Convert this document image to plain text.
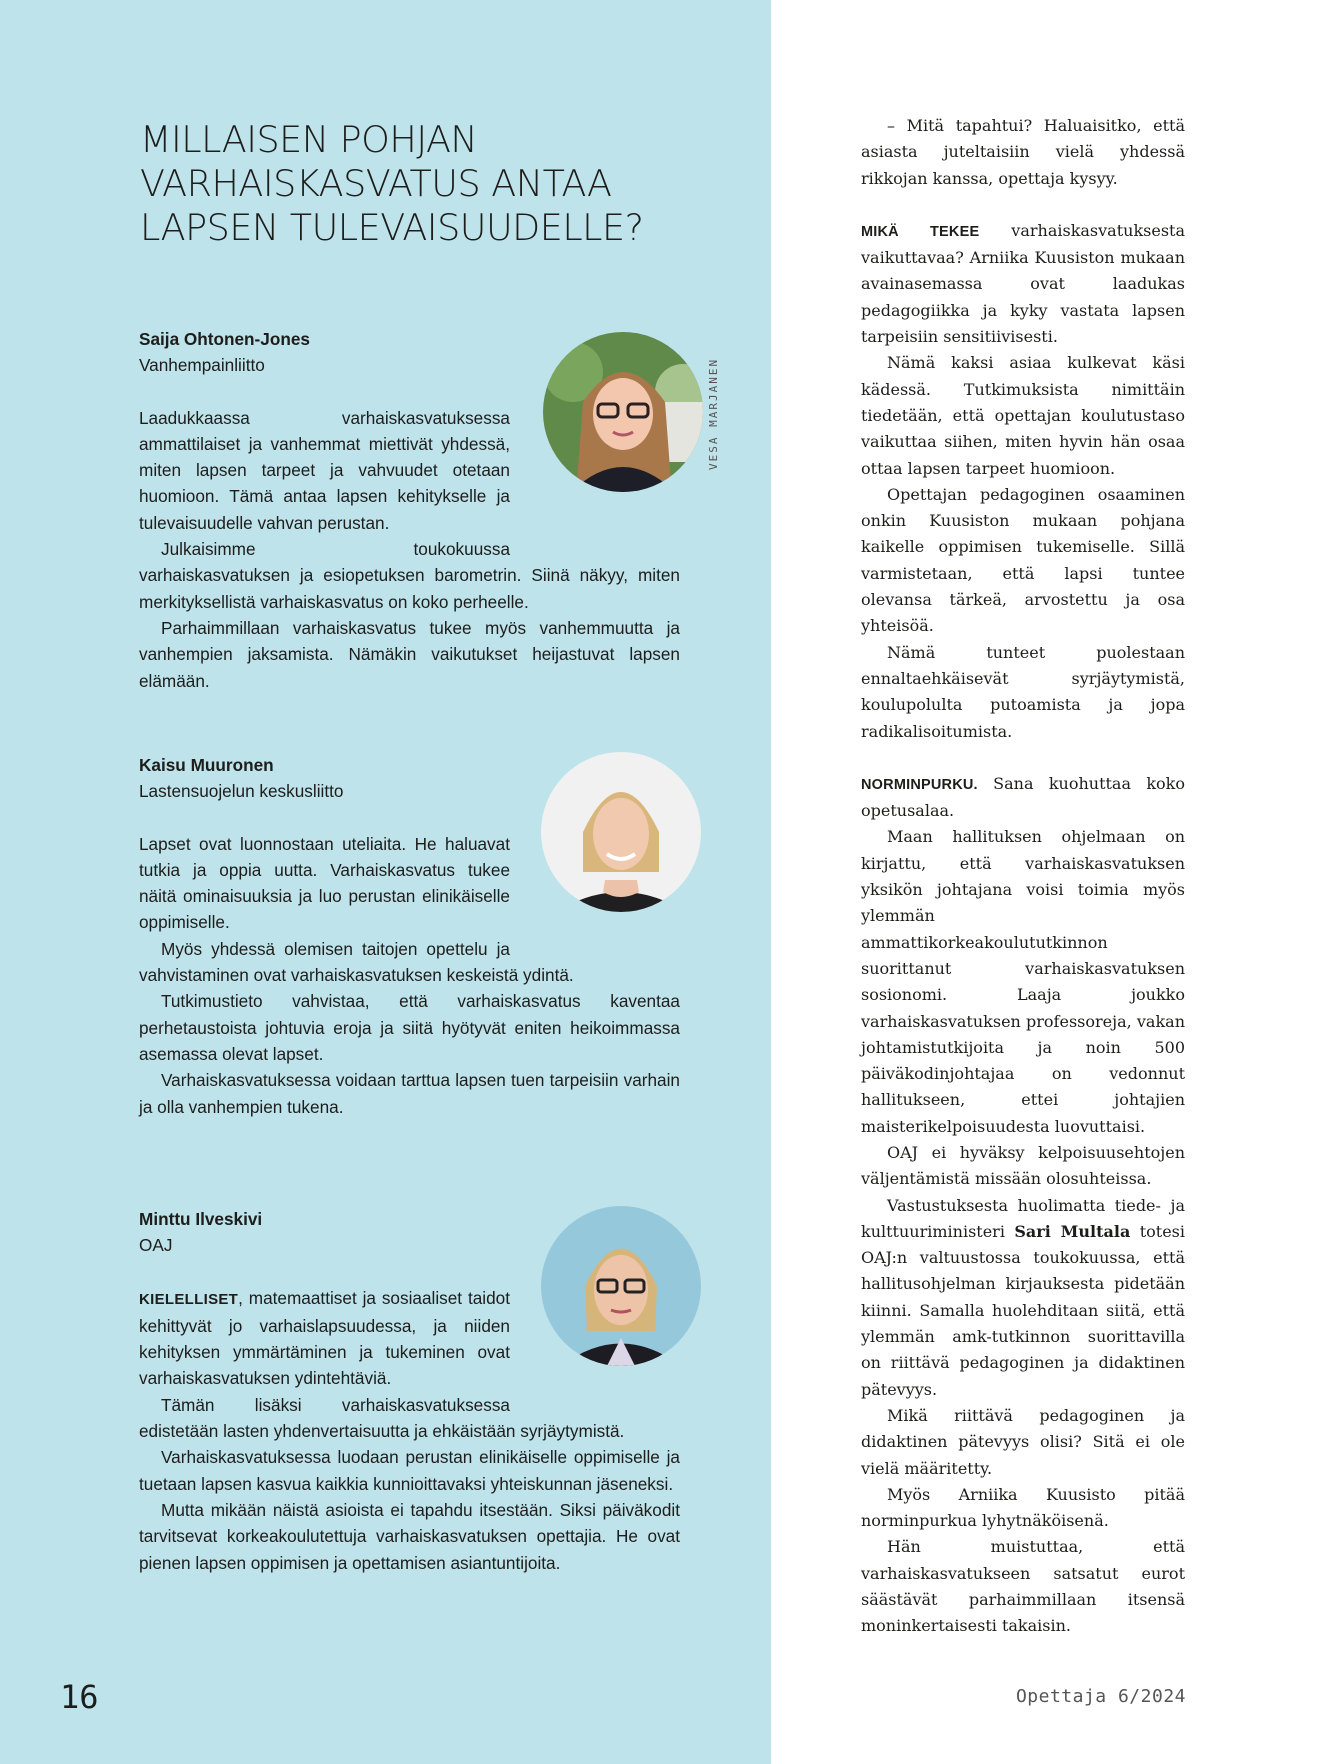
MILLAISEN POHJAN
VARHAISKASVATUS ANTAA
LAPSEN TULEVAISUUDELLE?
VESA MARJANEN
Saija Ohtonen-Jones
Vanhempainliitto

Laadukkaassa varhaiskasvatuksessa ammattilaiset ja vanhemmat miettivät yhdessä, miten lapsen tarpeet ja vahvuudet otetaan huomioon. Tämä antaa lapsen kehitykselle ja tulevaisuudelle vahvan perustan.

Julkaisimme toukokuussa varhaiskasvatuksen ja esiopetuksen barometrin. Siinä näkyy, miten merkityksellistä varhaiskasvatus on koko perheelle.

Parhaimmillaan varhaiskasvatus tukee myös vanhemmuutta ja vanhempien jaksamista. Nämäkin vaikutukset heijastuvat lapsen elämään.

Kaisu Muuronen
Lastensuojelun keskusliitto

Lapset ovat luonnostaan uteliaita. He haluavat tutkia ja oppia uutta. Varhaiskasvatus tukee näitä ominaisuuksia ja luo perustan elinikäiselle oppimiselle.

Myös yhdessä olemisen taitojen opettelu ja vahvistaminen ovat varhaiskasvatuksen keskeistä ydintä.

Tutkimustieto vahvistaa, että varhaiskasvatus kaventaa perhetaustoista johtuvia eroja ja siitä hyötyvät eniten heikoimmassa asemassa olevat lapset.

Varhaiskasvatuksessa voidaan tarttua lapsen tuen tarpeisiin varhain ja olla vanhempien tukena.

Minttu Ilveskivi
OAJ

KIELELLISET, matemaattiset ja sosiaaliset taidot kehittyvät jo varhaislapsuudessa, ja niiden kehityksen ymmärtäminen ja tukeminen ovat varhaiskasvatuksen ydintehtäviä.

Tämän lisäksi varhaiskasvatuksessa edistetään lasten yhdenvertaisuutta ja ehkäistään syrjäytymistä.

Varhaiskasvatuksessa luodaan perustan elinikäiselle oppimiselle ja tuetaan lapsen kasvua kaikkia kunnioittavaksi yhteiskunnan jäseneksi.

Mutta mikään näistä asioista ei tapahdu itsestään. Siksi päiväkodit tarvitsevat korkeakoulutettuja varhaiskasvatuksen opettajia. He ovat pienen lapsen oppimisen ja opettamisen asiantuntijoita.

– Mitä tapahtui? Haluaisitko, että asiasta juteltaisiin vielä yhdessä rikkojan kanssa, opettaja kysyy.

MIKÄ TEKEE varhaiskasvatuksesta vaikuttavaa? Arniika Kuusiston mukaan avainasemassa ovat laadukas pedagogiikka ja kyky vastata lapsen tarpeisiin sensitiivisesti.

Nämä kaksi asiaa kulkevat käsi kädessä. Tutkimuksista nimittäin tiedetään, että opettajan koulutustaso vaikuttaa siihen, miten hyvin hän osaa ottaa lapsen tarpeet huomioon.

Opettajan pedagoginen osaaminen onkin Kuusiston mukaan pohjana kaikelle oppimisen tukemiselle. Sillä varmistetaan, että lapsi tuntee olevansa tärkeä, arvostettu ja osa yhteisöä.

Nämä tunteet puolestaan ennaltaehkäisevät syrjäytymistä, koulupolulta putoamista ja jopa radikalisoitumista.

NORMINPURKU. Sana kuohuttaa koko opetusalaa.

Maan hallituksen ohjelmaan on kirjattu, että varhaiskasvatuksen yksikön johtajana voisi toimia myös ylemmän ammattikorkeakoulututkinnon suorittanut varhaiskasvatuksen sosionomi. Laaja joukko varhaiskasvatuksen professoreja, vakan johtamistutkijoita ja noin 500 päiväkodinjohtajaa on vedonnut hallitukseen, ettei johtajien maisterikelpoisuudesta luovuttaisi.

OAJ ei hyväksy kelpoisuusehtojen väljentämistä missään olosuhteissa.

Vastustuksesta huolimatta tiede- ja kulttuuriministeri Sari Multala totesi OAJ:n valtuustossa toukokuussa, että hallitusohjelman kirjauksesta pidetään kiinni. Samalla huolehditaan siitä, että ylemmän amk-tutkinnon suorittavilla on riittävä pedagoginen ja didaktinen pätevyys.

Mikä riittävä pedagoginen ja didaktinen pätevyys olisi? Sitä ei ole vielä määritetty.

Myös Arniika Kuusisto pitää norminpurkua lyhytnäköisenä.

Hän muistuttaa, että varhaiskasvatukseen satsatut eurot säästävät parhaimmillaan itsensä moninkertaisesti takaisin.

16	Opettaja 6/2024
